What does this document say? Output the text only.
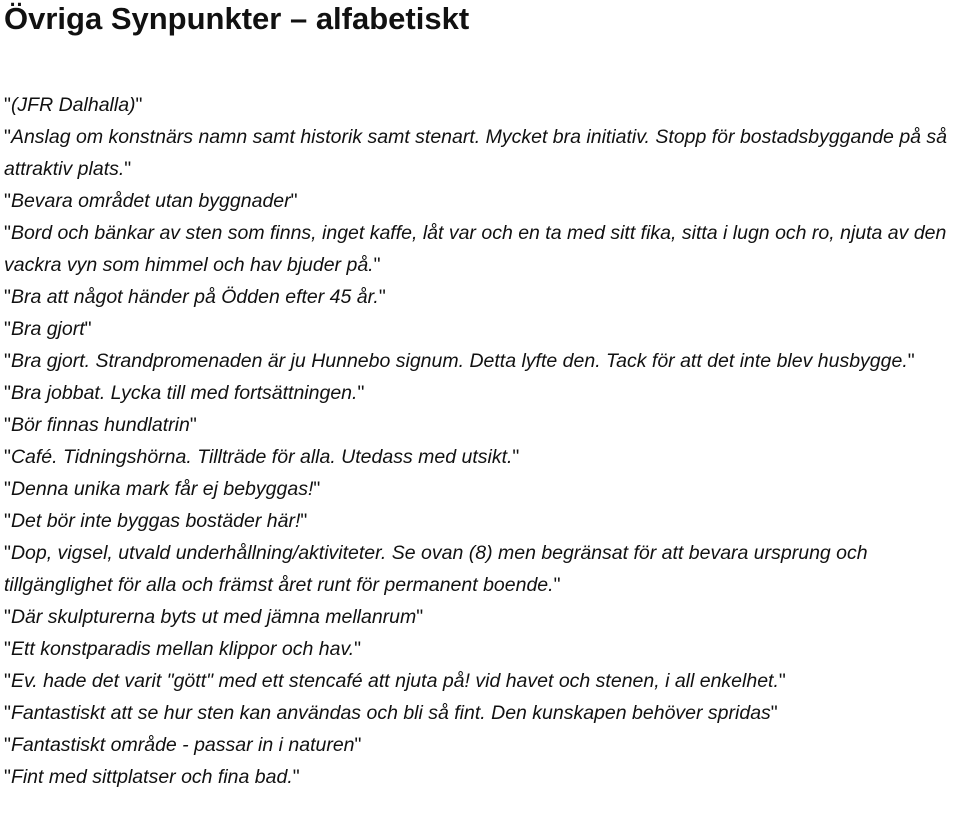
Övriga Synpunkter – alfabetiskt
"(JFR Dalhalla)"
"Anslag om konstnärs namn samt historik samt stenart. Mycket bra initiativ. Stopp för bostadsbyggande på så attraktiv plats."
"Bevara området utan byggnader"
"Bord och bänkar av sten som finns, inget kaffe, låt var och en ta med sitt fika, sitta i lugn och ro, njuta av den vackra vyn som himmel och hav bjuder på."
"Bra att något händer på Ödden efter 45 år."
"Bra gjort"
"Bra gjort. Strandpromenaden är ju Hunnebo signum. Detta lyfte den. Tack för att det inte blev husbygge."
"Bra jobbat. Lycka till med fortsättningen."
"Bör finnas hundlatrin"
"Café. Tidningshörna. Tillträde för alla. Utedass med utsikt."
"Denna unika mark får ej bebyggas!"
"Det bör inte byggas bostäder här!"
"Dop, vigsel, utvald underhållning/aktiviteter. Se ovan (8) men begränsat för att bevara ursprung och tillgänglighet för alla och främst året runt för permanent boende."
"Där skulpturerna byts ut med jämna mellanrum"
"Ett konstparadis mellan klippor och hav."
"Ev. hade det varit "gött" med ett stencafé att njuta på! vid havet och stenen, i all enkelhet."
"Fantastiskt att se hur sten kan användas och bli så fint. Den kunskapen behöver spridas"
"Fantastiskt område - passar in i naturen"
"Fint med sittplatser och fina bad."
